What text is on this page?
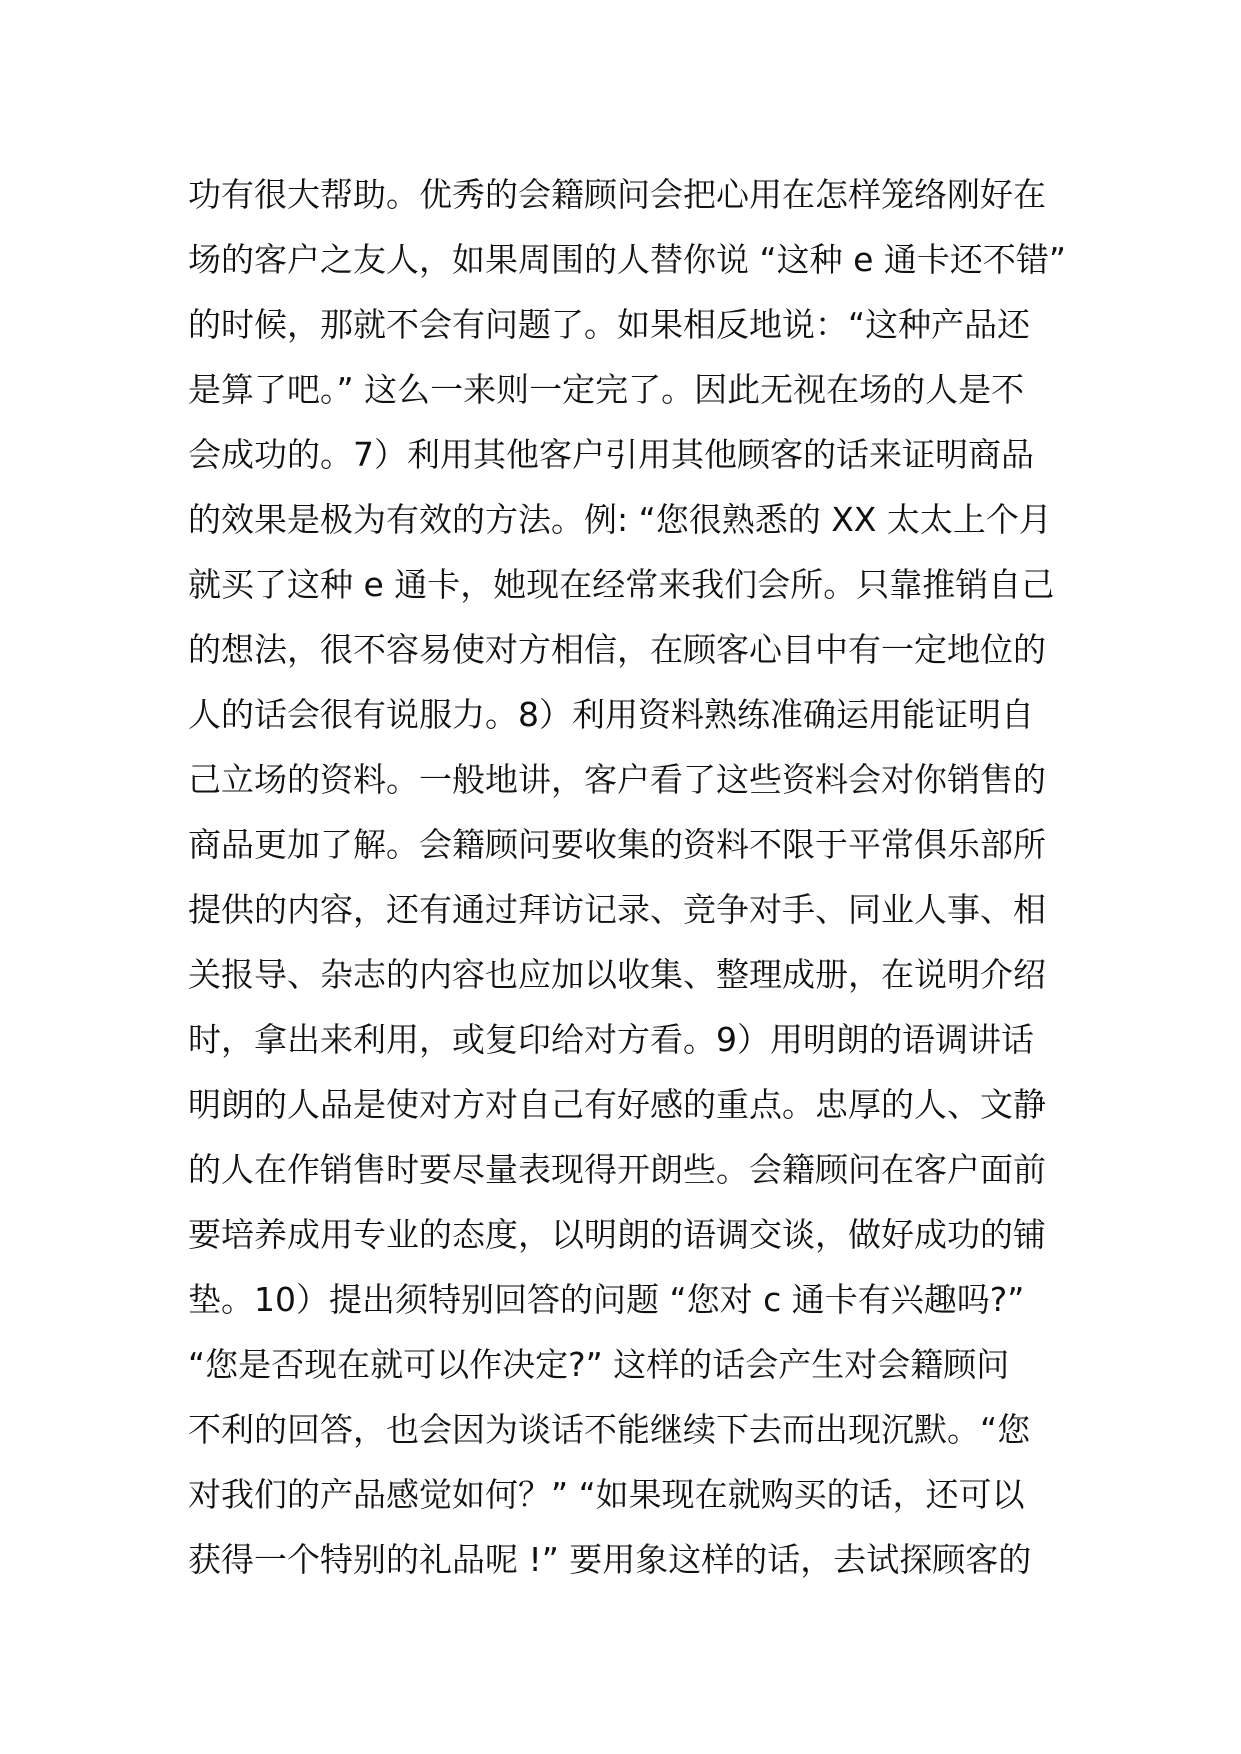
功有很大帮助。优秀的会籍顾问会把心用在怎样笼络刚好在
场的客户之友人，如果周围的人替你说 “这种 e 通卡还不错”
的时候，那就不会有问题了。如果相反地说：“这种产品还
是算了吧。” 这么一来则一定完了。因此无视在场的人是不
会成功的。7）利用其他客户引用其他顾客的话来证明商品
的效果是极为有效的方法。例: “您很熟悉的 XX 太太上个月
就买了这种 e 通卡，她现在经常来我们会所。只靠推销自己
的想法，很不容易使对方相信，在顾客心目中有一定地位的
人的话会很有说服力。8）利用资料熟练准确运用能证明自
己立场的资料。一般地讲，客户看了这些资料会对你销售的
商品更加了解。会籍顾问要收集的资料不限于平常俱乐部所
提供的内容，还有通过拜访记录、竞争对手、同业人事、相
关报导、杂志的内容也应加以收集、整理成册，在说明介绍
时，拿出来利用，或复印给对方看。9）用明朗的语调讲话
明朗的人品是使对方对自己有好感的重点。忠厚的人、文静
的人在作销售时要尽量表现得开朗些。会籍顾问在客户面前
要培养成用专业的态度，以明朗的语调交谈，做好成功的铺
垫。10）提出须特别回答的问题 “您对 c 通卡有兴趣吗?”
“您是否现在就可以作决定?” 这样的话会产生对会籍顾问
不利的回答，也会因为谈话不能继续下去而出现沉默。“您
对我们的产品感觉如何？” “如果现在就购买的话，还可以
获得一个特别的礼品呢 !” 要用象这样的话，去试探顾客的
